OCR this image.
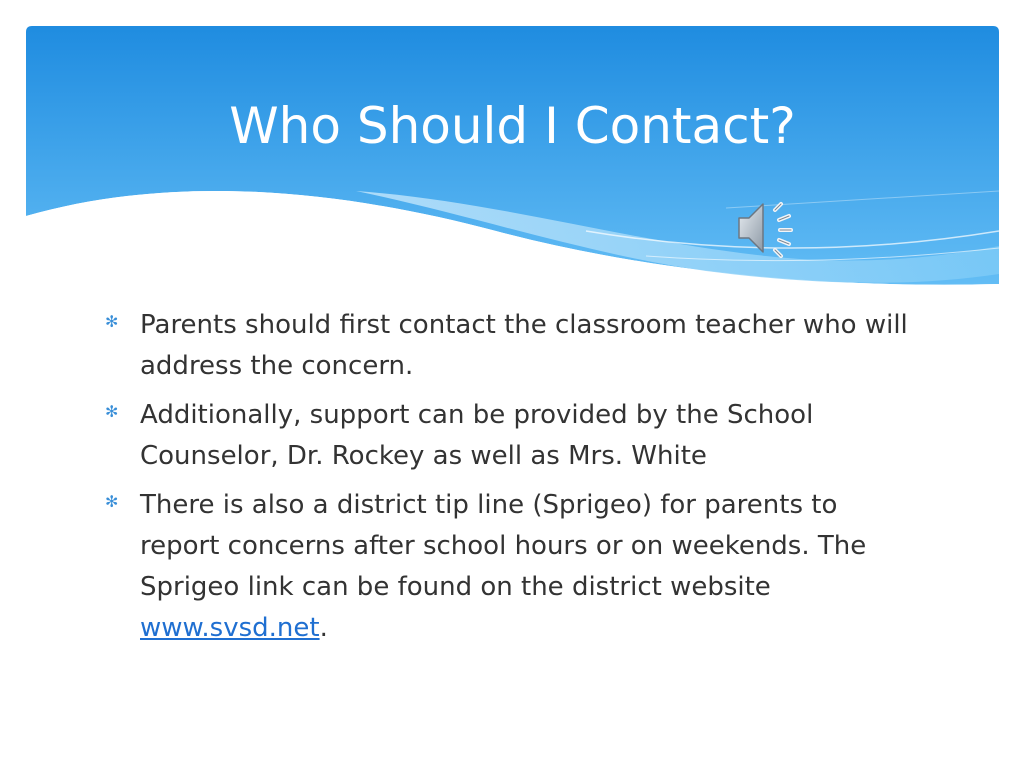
Who Should I Contact?
✻ Parents should first contact the classroom teacher who will address the concern.
✻ Additionally, support can be provided by the School Counselor, Dr. Rockey as well as Mrs. White
✻ There is also a district tip line (Sprigeo) for parents to report concerns after school hours or on weekends. The Sprigeo link can be found on the district website www.svsd.net.
